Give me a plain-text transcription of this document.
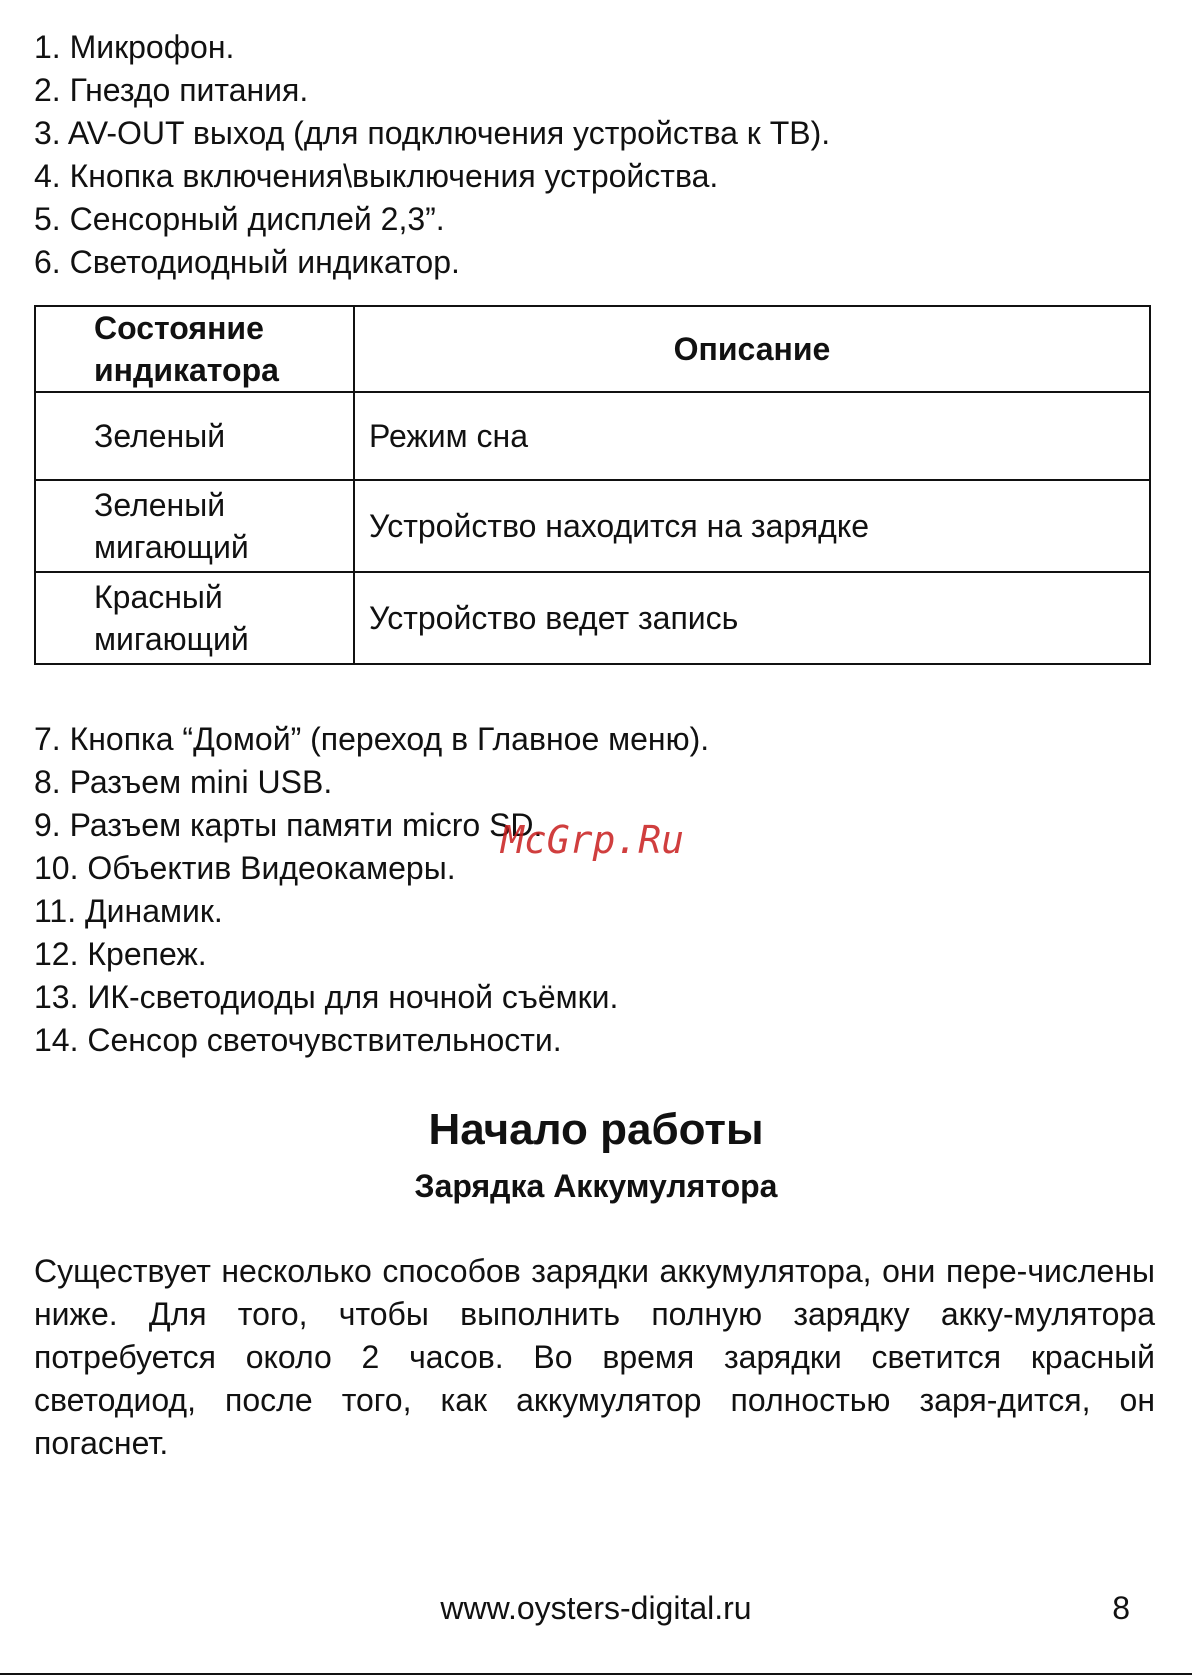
1. Микрофон.
2. Гнездо питания.
3. AV-OUT выход (для подключения устройства к ТВ).
4. Кнопка включения\выключения устройства.
5. Сенсорный дисплей 2,3”.
6. Светодиодный индикатор.
Состояние индикатора	Описание
Зеленый	Режим сна
Зеленый мигающий	Устройство находится на зарядке
Красный мигающий	Устройство ведет запись
7. Кнопка “Домой” (переход в Главное меню).
8. Разъем mini USB.
9. Разъем карты памяти micro SD.
10. Объектив Видеокамеры.
11. Динамик.
12. Крепеж.
13. ИК-светодиоды для ночной съёмки.
14. Сенсор светочувствительности.
McGrp.Ru
Начало работы
Зарядка Аккумулятора

Существует несколько способов зарядки аккумулятора, они пере-числены ниже. Для того, чтобы выполнить полную зарядку акку-мулятора потребуется около 2 часов. Во время зарядки светится красный светодиод, после того, как аккумулятор полностью заря-дится, он погаснет.

www.oysters-digital.ru	8
